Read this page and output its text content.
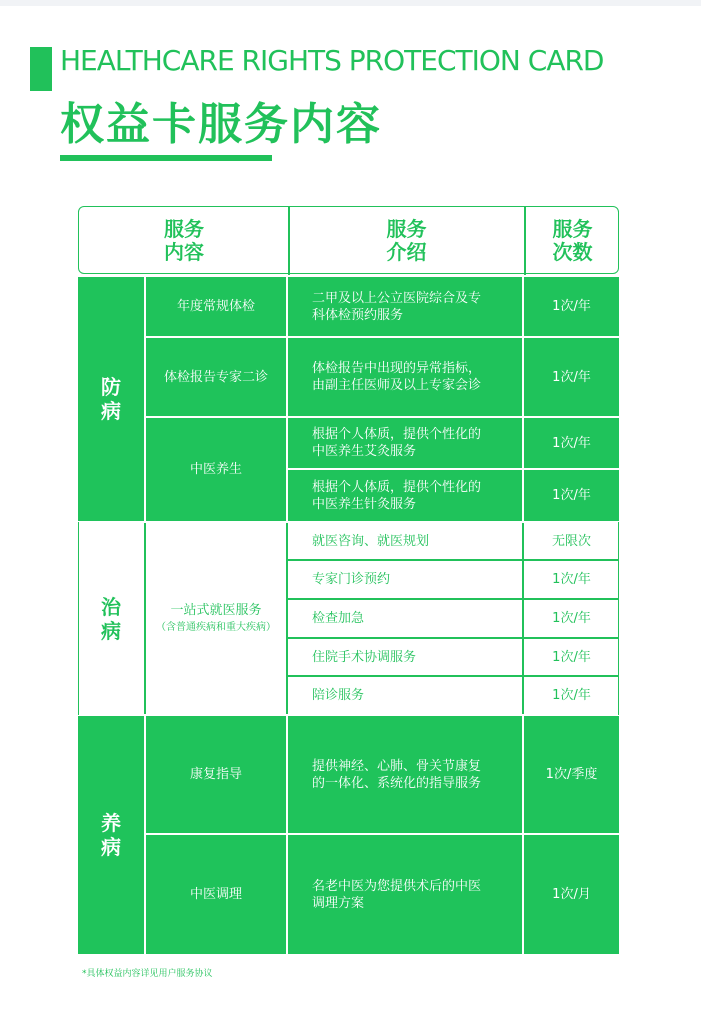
HEALTHCARE RIGHTS PROTECTION CARD
权益卡服务内容
服务
内容
服务
介绍
服务
次数
防
病
治
病
养
病
年度常规体检
体检报告专家二诊
中医养生
二甲及以上公立医院综合及专
科体检预约服务
体检报告中出现的异常指标，
由副主任医师及以上专家会诊
根据个人体质，提供个性化的
中医养生艾灸服务
根据个人体质，提供个性化的
中医养生针灸服务
1次/年
1次/年
1次/年
1次/年
一站式就医服务
（含普通疾病和重大疾病）
就医咨询、就医规划
专家门诊预约
检查加急
住院手术协调服务
陪诊服务
无限次
1次/年
1次/年
1次/年
1次/年
康复指导
中医调理
提供神经、心肺、骨关节康复
的一体化、系统化的指导服务
名老中医为您提供术后的中医
调理方案
1次/季度
1次/月
*具体权益内容详见用户服务协议
